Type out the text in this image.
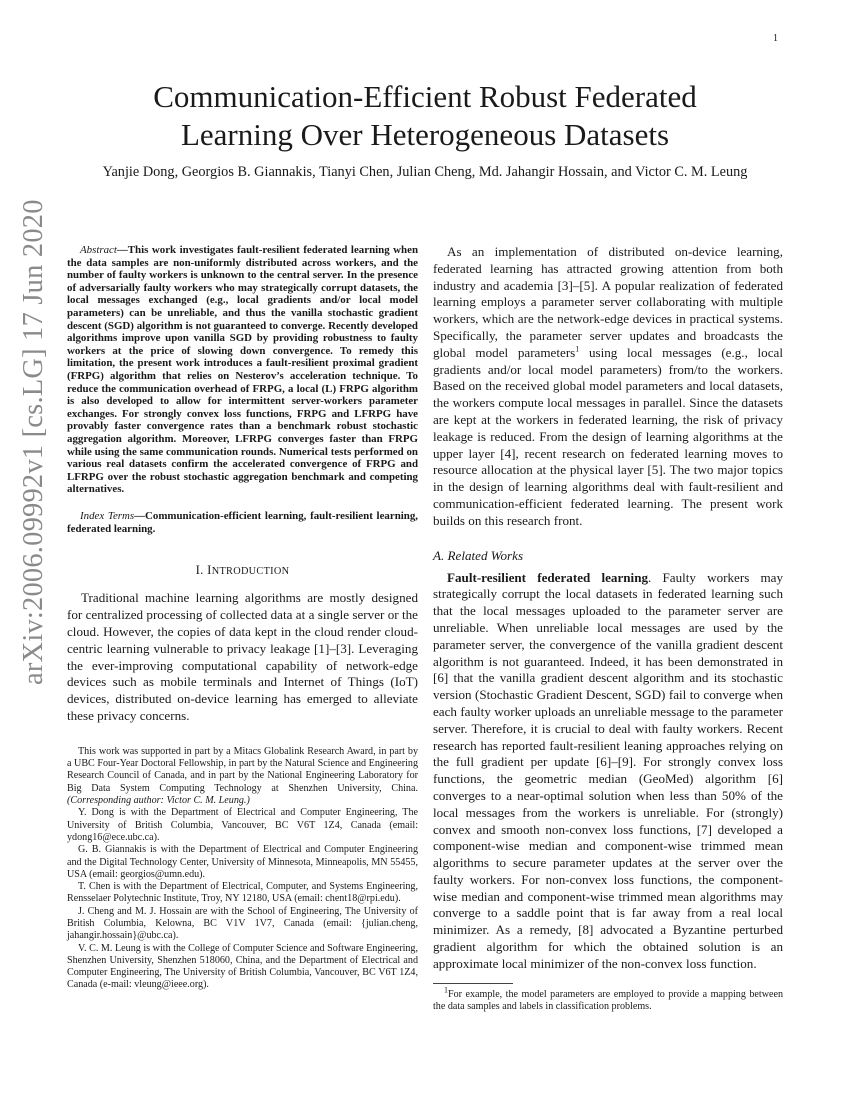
1
arXiv:2006.09992v1 [cs.LG] 17 Jun 2020
Communication-Efficient Robust Federated
Learning Over Heterogeneous Datasets
Yanjie Dong, Georgios B. Giannakis, Tianyi Chen, Julian Cheng, Md. Jahangir Hossain, and Victor C. M. Leung

Abstract—This work investigates fault-resilient federated learning when the data samples are non-uniformly distributed across workers, and the number of faulty workers is unknown to the central server. In the presence of adversarially faulty workers who may strategically corrupt datasets, the local messages exchanged (e.g., local gradients and/or local model parameters) can be unreliable, and thus the vanilla stochastic gradient descent (SGD) algorithm is not guaranteed to converge. Recently developed algorithms improve upon vanilla SGD by providing robustness to faulty workers at the price of slowing down convergence. To remedy this limitation, the present work introduces a fault-resilient proximal gradient (FRPG) algorithm that relies on Nesterov’s acceleration technique. To reduce the communication overhead of FRPG, a local (L) FRPG algorithm is also developed to allow for intermittent server-workers parameter exchanges. For strongly convex loss functions, FRPG and LFRPG have provably faster convergence rates than a benchmark robust stochastic aggregation algorithm. Moreover, LFRPG converges faster than FRPG while using the same communication rounds. Numerical tests performed on various real datasets confirm the accelerated convergence of FRPG and LFRPG over the robust stochastic aggregation benchmark and competing alternatives.

Index Terms—Communication-efficient learning, fault-resilient learning, federated learning.

I. INTRODUCTION

Traditional machine learning algorithms are mostly designed for centralized processing of collected data at a single server or the cloud. However, the copies of data kept in the cloud render cloud-centric learning vulnerable to privacy leakage [1]–[3]. Leveraging the ever-improving computational capability of network-edge devices such as mobile terminals and Internet of Things (IoT) devices, distributed on-device learning has emerged to alleviate these privacy concerns.

This work was supported in part by a Mitacs Globalink Research Award, in part by a UBC Four-Year Doctoral Fellowship, in part by the Natural Science and Engineering Research Council of Canada, and in part by the National Engineering Laboratory for Big Data System Computing Technology at Shenzhen University, China. (Corresponding author: Victor C. M. Leung.)

Y. Dong is with the Department of Electrical and Computer Engineering, The University of British Columbia, Vancouver, BC V6T 1Z4, Canada (email: ydong16@ece.ubc.ca).

G. B. Giannakis is with the Department of Electrical and Computer Engineering and the Digital Technology Center, University of Minnesota, Minneapolis, MN 55455, USA (email: georgios@umn.edu).

T. Chen is with the Department of Electrical, Computer, and Systems Engineering, Rensselaer Polytechnic Institute, Troy, NY 12180, USA (email: chent18@rpi.edu).

J. Cheng and M. J. Hossain are with the School of Engineering, The University of British Columbia, Kelowna, BC V1V 1V7, Canada (email: {julian.cheng, jahangir.hossain}@ubc.ca).

V. C. M. Leung is with the College of Computer Science and Software Engineering, Shenzhen University, Shenzhen 518060, China, and the Department of Electrical and Computer Engineering, The University of British Columbia, Vancouver, BC V6T 1Z4, Canada (e-mail: vleung@ieee.org).

As an implementation of distributed on-device learning, federated learning has attracted growing attention from both industry and academia [3]–[5]. A popular realization of federated learning employs a parameter server collaborating with multiple workers, which are the network-edge devices in practical systems. Specifically, the parameter server updates and broadcasts the global model parameters$^1$ using local messages (e.g., local gradients and/or local model parameters) from/to the workers. Based on the received global model parameters and local datasets, the workers compute local messages in parallel. Since the datasets are kept at the workers in federated learning, the risk of privacy leakage is reduced. From the design of learning algorithms at the upper layer [4], recent research on federated learning moves to resource allocation at the physical layer [5]. The two major topics in the design of learning algorithms deal with fault-resilient and communication-efficient federated learning. The present work builds on this research front.

A. Related Works

Fault-resilient federated learning. Faulty workers may strategically corrupt the local datasets in federated learning such that the local messages uploaded to the parameter server are unreliable. When unreliable local messages are used by the parameter server, the convergence of the vanilla gradient descent algorithm is not guaranteed. Indeed, it has been demonstrated in [6] that the vanilla gradient descent algorithm and its stochastic version (Stochastic Gradient Descent, SGD) fail to converge when each faulty worker uploads an unreliable message to the parameter server. Therefore, it is crucial to deal with faulty workers. Recent research has reported fault-resilient leaning approaches relying on the full gradient per update [6]–[9]. For strongly convex loss functions, the geometric median (GeoMed) algorithm [6] converges to a near-optimal solution when less than 50% of the local messages from the workers is unreliable. For (strongly) convex and smooth non-convex loss functions, [7] developed a component-wise median and component-wise trimmed mean algorithms to secure parameter updates at the server over the faulty workers. For non-convex loss functions, the component-wise median and component-wise trimmed mean algorithms may converge to a saddle point that is far away from a real local minimizer. As a remedy, [8] advocated a Byzantine perturbed gradient algorithm for which the obtained solution is an approximate local minimizer of the non-convex loss function.

$^1$For example, the model parameters are employed to provide a mapping between the data samples and labels in classification problems.
